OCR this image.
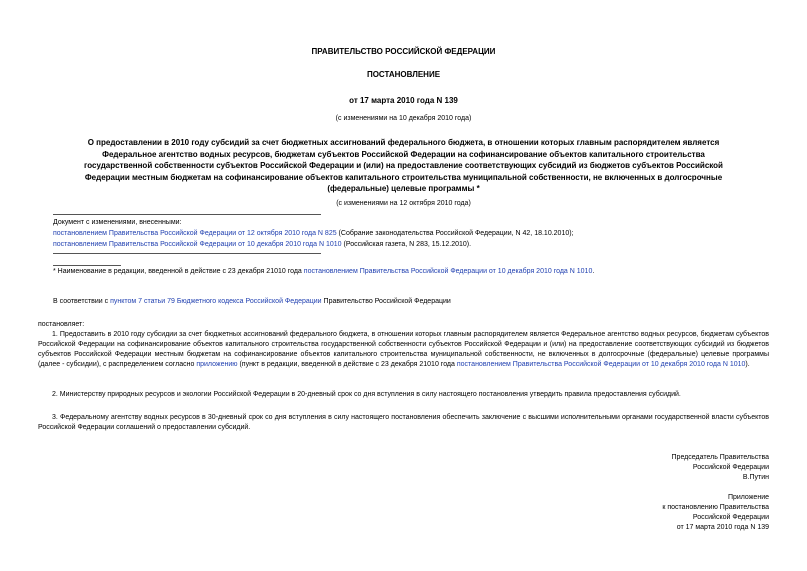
ПРАВИТЕЛЬСТВО РОССИЙСКОЙ ФЕДЕРАЦИИ
ПОСТАНОВЛЕНИЕ
от 17 марта 2010 года N 139
(с изменениями на 10 декабря 2010 года)
О предоставлении в 2010 году субсидий за счет бюджетных ассигнований федерального бюджета, в отношении которых главным распорядителем является
Федеральное агентство водных ресурсов, бюджетам субъектов Российской Федерации на софинансирование объектов капитального строительства
государственной собственности субъектов Российской Федерации и (или) на предоставление соответствующих субсидий из бюджетов субъектов Российской
Федерации местным бюджетам на софинансирование объектов капитального строительства муниципальной собственности, не включенных в долгосрочные
(федеральные) целевые программы *
(с изменениями на 12 октября 2010 года)
Документ с изменениями, внесенными:
постановлением Правительства Российской Федерации от 12 октября 2010 года N 825 (Собрание законодательства Российской Федерации, N 42, 18.10.2010);
постановлением Правительства Российской Федерации от 10 декабря 2010 года N 1010 (Российская газета, N 283, 15.12.2010).
* Наименование в редакции, введенной в действие с 23 декабря 21010 года постановлением Правительства Российской Федерации от 10 декабря 2010 года N 1010.
В соответствии с пунктом 7 статьи 79 Бюджетного кодекса Российской Федерации Правительство Российской Федерации
постановляет:
1. Предоставить в 2010 году субсидии за счет бюджетных ассигнований федерального бюджета, в отношении которых главным распорядителем является Федеральное агентство водных ресурсов, бюджетам субъектов Российской Федерации на софинансирование объектов капитального строительства государственной собственности субъектов Российской Федерации и (или) на предоставление соответствующих субсидий из бюджетов субъектов Российской Федерации местным бюджетам на софинансирование объектов капитального строительства муниципальной собственности, не включенных в долгосрочные (федеральные) целевые программы (далее - субсидии), с распределением согласно приложению (пункт в редакции, введенной в действие с 23 декабря 21010 года постановлением Правительства Российской Федерации от 10 декабря 2010 года N 1010).
2. Министерству природных ресурсов и экологии Российской Федерации в 20-дневный срок со дня вступления в силу настоящего постановления утвердить правила предоставления субсидий.
3. Федеральному агентству водных ресурсов в 30-дневный срок со дня вступления в силу настоящего постановления обеспечить заключение с высшими исполнительными органами государственной власти субъектов Российской Федерации соглашений о предоставлении субсидий.
Председатель Правительства
Российской Федерации
В.Путин
Приложение
к постановлению Правительства
Российской Федерации
от 17 марта 2010 года N 139
